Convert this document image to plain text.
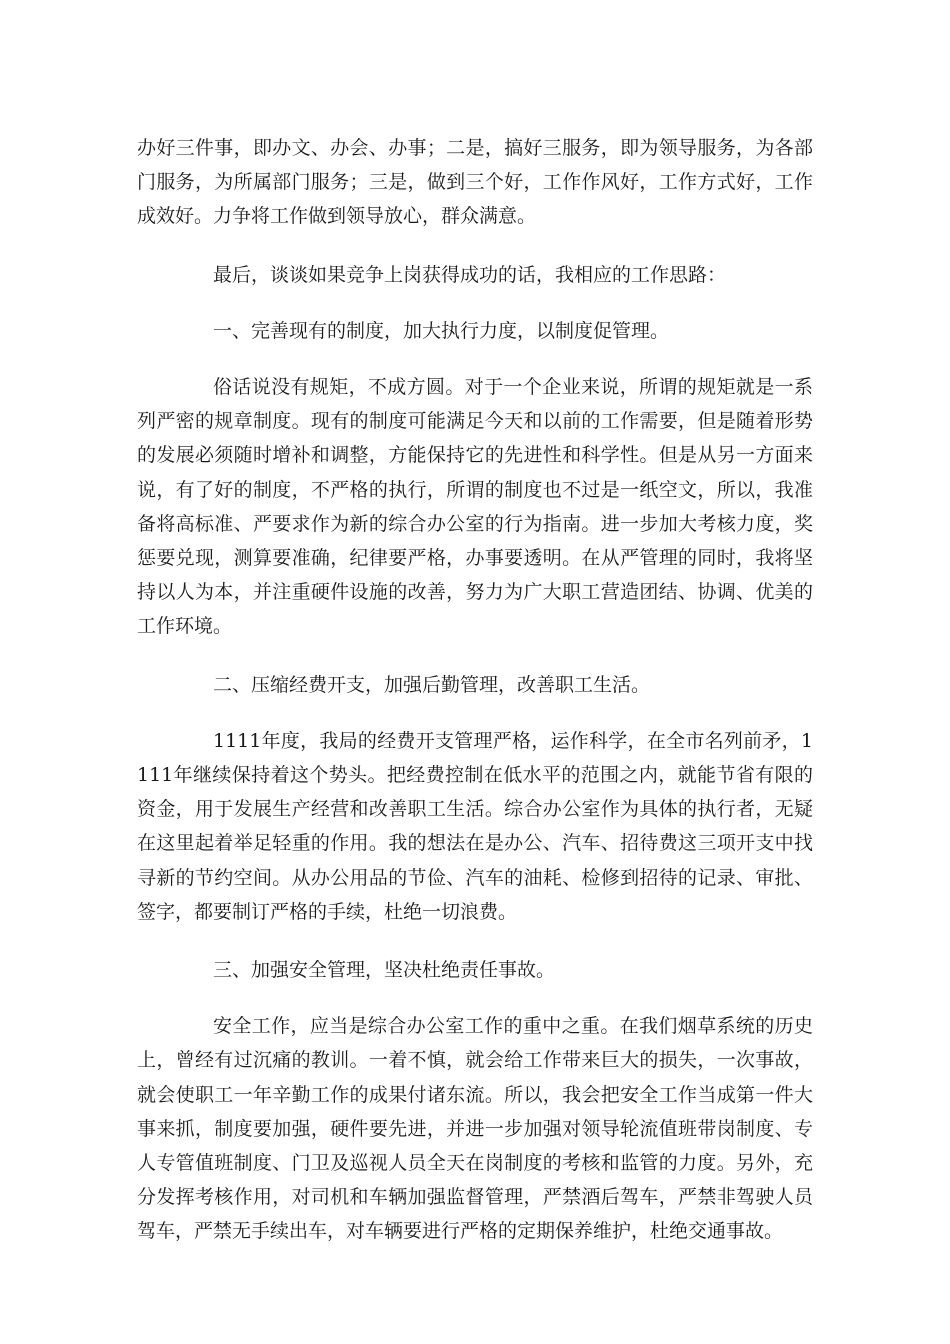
办好三件事，即办文、办会、办事；二是，搞好三服务，即为领导服务，为各部门服务，为所属部门服务；三是，做到三个好，工作作风好，工作方式好，工作成效好。力争将工作做到领导放心，群众满意。

最后，谈谈如果竞争上岗获得成功的话，我相应的工作思路：

一、完善现有的制度，加大执行力度，以制度促管理。

俗话说没有规矩，不成方圆。对于一个企业来说，所谓的规矩就是一系列严密的规章制度。现有的制度可能满足今天和以前的工作需要，但是随着形势的发展必须随时增补和调整，方能保持它的先进性和科学性。但是从另一方面来说，有了好的制度，不严格的执行，所谓的制度也不过是一纸空文，所以，我准备将高标准、严要求作为新的综合办公室的行为指南。进一步加大考核力度，奖惩要兑现，测算要准确，纪律要严格，办事要透明。在从严管理的同时，我将坚持以人为本，并注重硬件设施的改善，努力为广大职工营造团结、协调、优美的工作环境。

二、压缩经费开支，加强后勤管理，改善职工生活。

1111年度，我局的经费开支管理严格，运作科学，在全市名列前矛，1111年继续保持着这个势头。把经费控制在低水平的范围之内，就能节省有限的资金，用于发展生产经营和改善职工生活。综合办公室作为具体的执行者，无疑在这里起着举足轻重的作用。我的想法在是办公、汽车、招待费这三项开支中找寻新的节约空间。从办公用品的节俭、汽车的油耗、检修到招待的记录、审批、签字，都要制订严格的手续，杜绝一切浪费。

三、加强安全管理，坚决杜绝责任事故。

安全工作，应当是综合办公室工作的重中之重。在我们烟草系统的历史上，曾经有过沉痛的教训。一着不慎，就会给工作带来巨大的损失，一次事故，就会使职工一年辛勤工作的成果付诸东流。所以，我会把安全工作当成第一件大事来抓，制度要加强，硬件要先进，并进一步加强对领导轮流值班带岗制度、专人专管值班制度、门卫及巡视人员全天在岗制度的考核和监管的力度。另外，充分发挥考核作用，对司机和车辆加强监督管理，严禁酒后驾车，严禁非驾驶人员驾车，严禁无手续出车，对车辆要进行严格的定期保养维护，杜绝交通事故。
